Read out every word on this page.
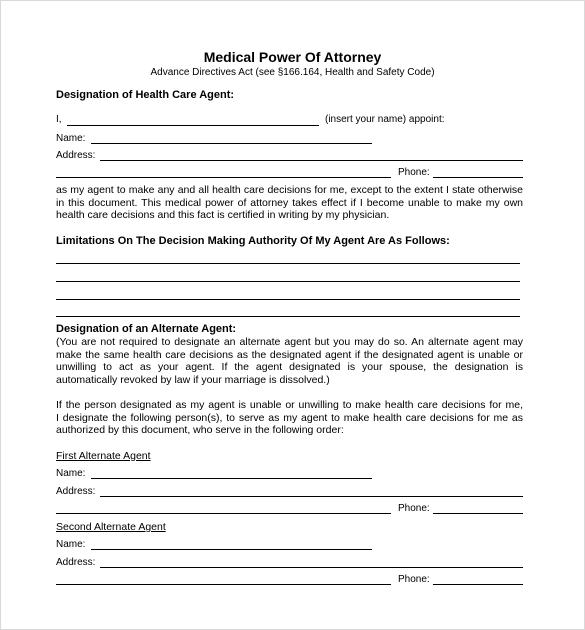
Medical Power Of Attorney
Advance Directives Act (see §166.164, Health and Safety Code)
Designation of Health Care Agent:
I,	(insert your name) appoint:
Name:
Address:
Phone:
as my agent to make any and all health care decisions for me, except to the extent I state otherwise
in this document. This medical power of attorney takes effect if I become unable to make my own
health care decisions and this fact is certified in writing by my physician.
Limitations On The Decision Making Authority Of My Agent Are As Follows:
Designation of an Alternate Agent:
(You are not required to designate an alternate agent but you may do so. An alternate agent may
make the same health care decisions as the designated agent if the designated agent is unable or
unwilling to act as your agent. If the agent designated is your spouse, the designation is
automatically revoked by law if your marriage is dissolved.)
If the person designated as my agent is unable or unwilling to make health care decisions for me,
I designate the following person(s), to serve as my agent to make health care decisions for me as
authorized by this document, who serve in the following order:
First Alternate Agent
Name:
Address:
Phone:
Second Alternate Agent
Name:
Address:
Phone:
